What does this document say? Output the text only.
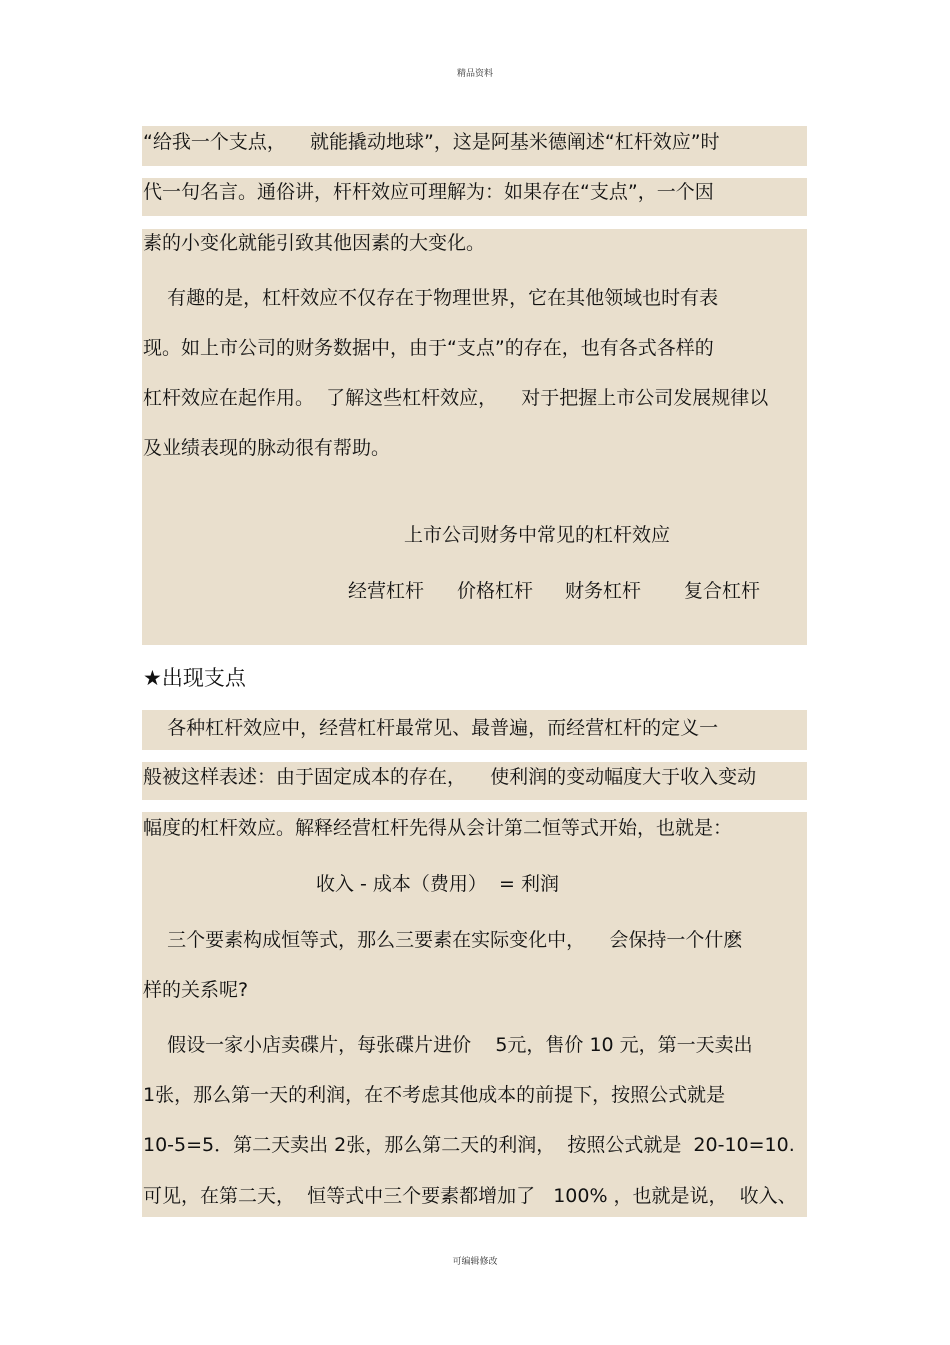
精品资料
“给我一个支点，    就能撬动地球”，这是阿基米德阐述“杠杆效应”时
代一句名言。通俗讲，杆杆效应可理解为：如果存在“支点”，一个因
素的小变化就能引致其他因素的大变化。
有趣的是，杠杆效应不仅存在于物理世界，它在其他领域也时有表
现。如上市公司的财务数据中，由于“支点”的存在，也有各式各样的
杠杆效应在起作用。  了解这些杠杆效应，    对于把握上市公司发展规律以
及业绩表现的脉动很有帮助。
上市公司财务中常见的杠杆效应
经营杠杆 价格杠杆 财务杠杆 复合杠杆
★出现支点
各种杠杆效应中，经营杠杆最常见、最普遍，而经营杠杆的定义一
般被这样表述：由于固定成本的存在，    使利润的变动幅度大于收入变动
幅度的杠杆效应。解释经营杠杆先得从会计第二恒等式开始，也就是：
收入 - 成本（费用）  = 利润
三个要素构成恒等式，那么三要素在实际变化中，    会保持一个什麽
样的关系呢?
假设一家小店卖碟片，每张碟片进价    5元，售价 10 元，第一天卖出
1张，那么第一天的利润，在不考虑其他成本的前提下，按照公式就是
10-5=5．第二天卖出 2张，那么第二天的利润，  按照公式就是  20-10=10.
可见，在第二天，  恒等式中三个要素都增加了   100% ，也就是说，  收入、
可编辑修改
